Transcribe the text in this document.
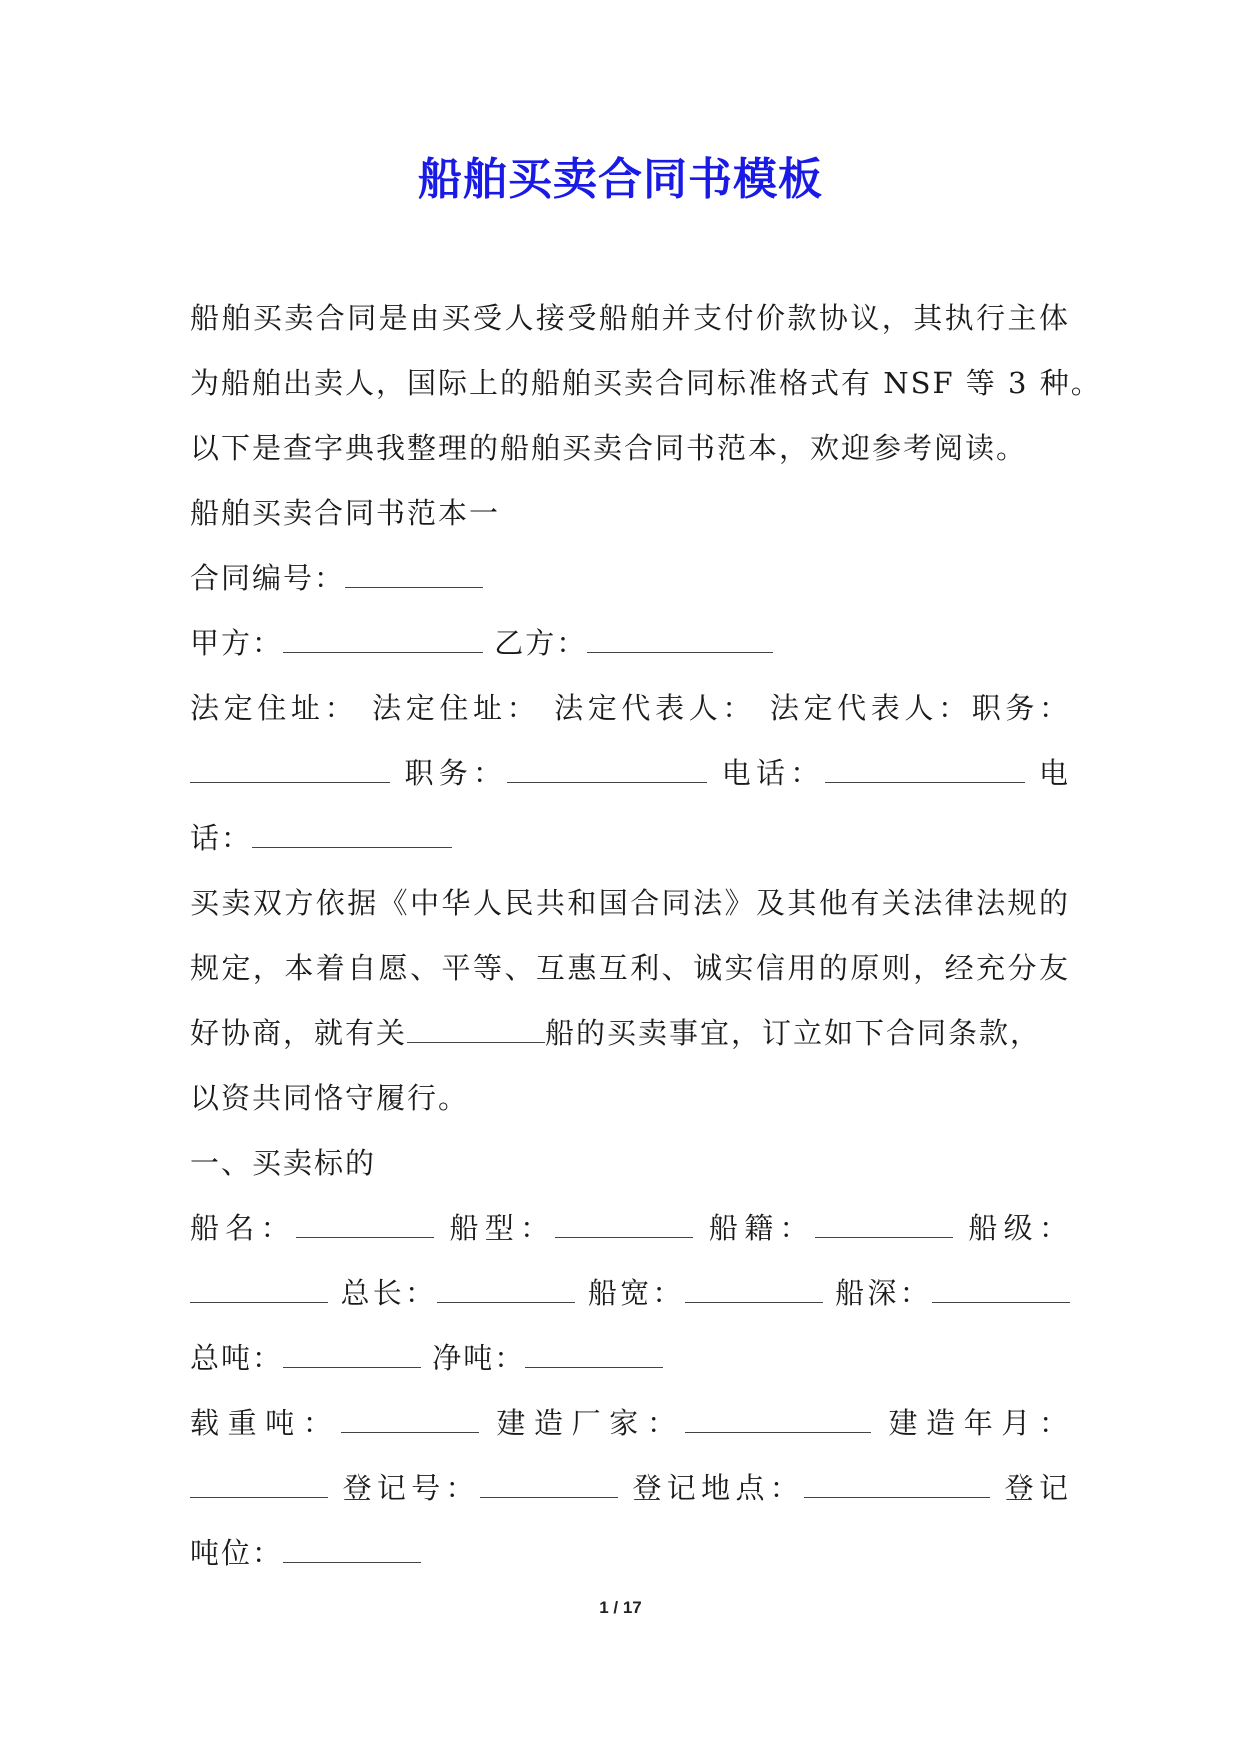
船舶买卖合同书模板
船舶买卖合同是由买受人接受船舶并支付价款协议，其执行主体
为船舶出卖人，国际上的船舶买卖合同标准格式有 NSF 等 3 种。
以下是查字典我整理的船舶买卖合同书范本，欢迎参考阅读。
船舶买卖合同书范本一
合同编号：
甲方：	乙方：
法定住址： 法定住址： 法定代表人： 法定代表人：职务：
职务：	电话：	电
话：
买卖双方依据《中华人民共和国合同法》及其他有关法律法规的
规定，本着自愿、平等、互惠互利、诚实信用的原则，经充分友
好协商，就有关	船的买卖事宜，订立如下合同条款，
以资共同恪守履行。
一、买卖标的
船名：	船型：	船籍：	船级：
总长：	船宽：	船深：
总吨：	净吨：
载重吨：	建造厂家：	建造年月：
登记号：	登记地点：	登记
吨位：
1 / 17
